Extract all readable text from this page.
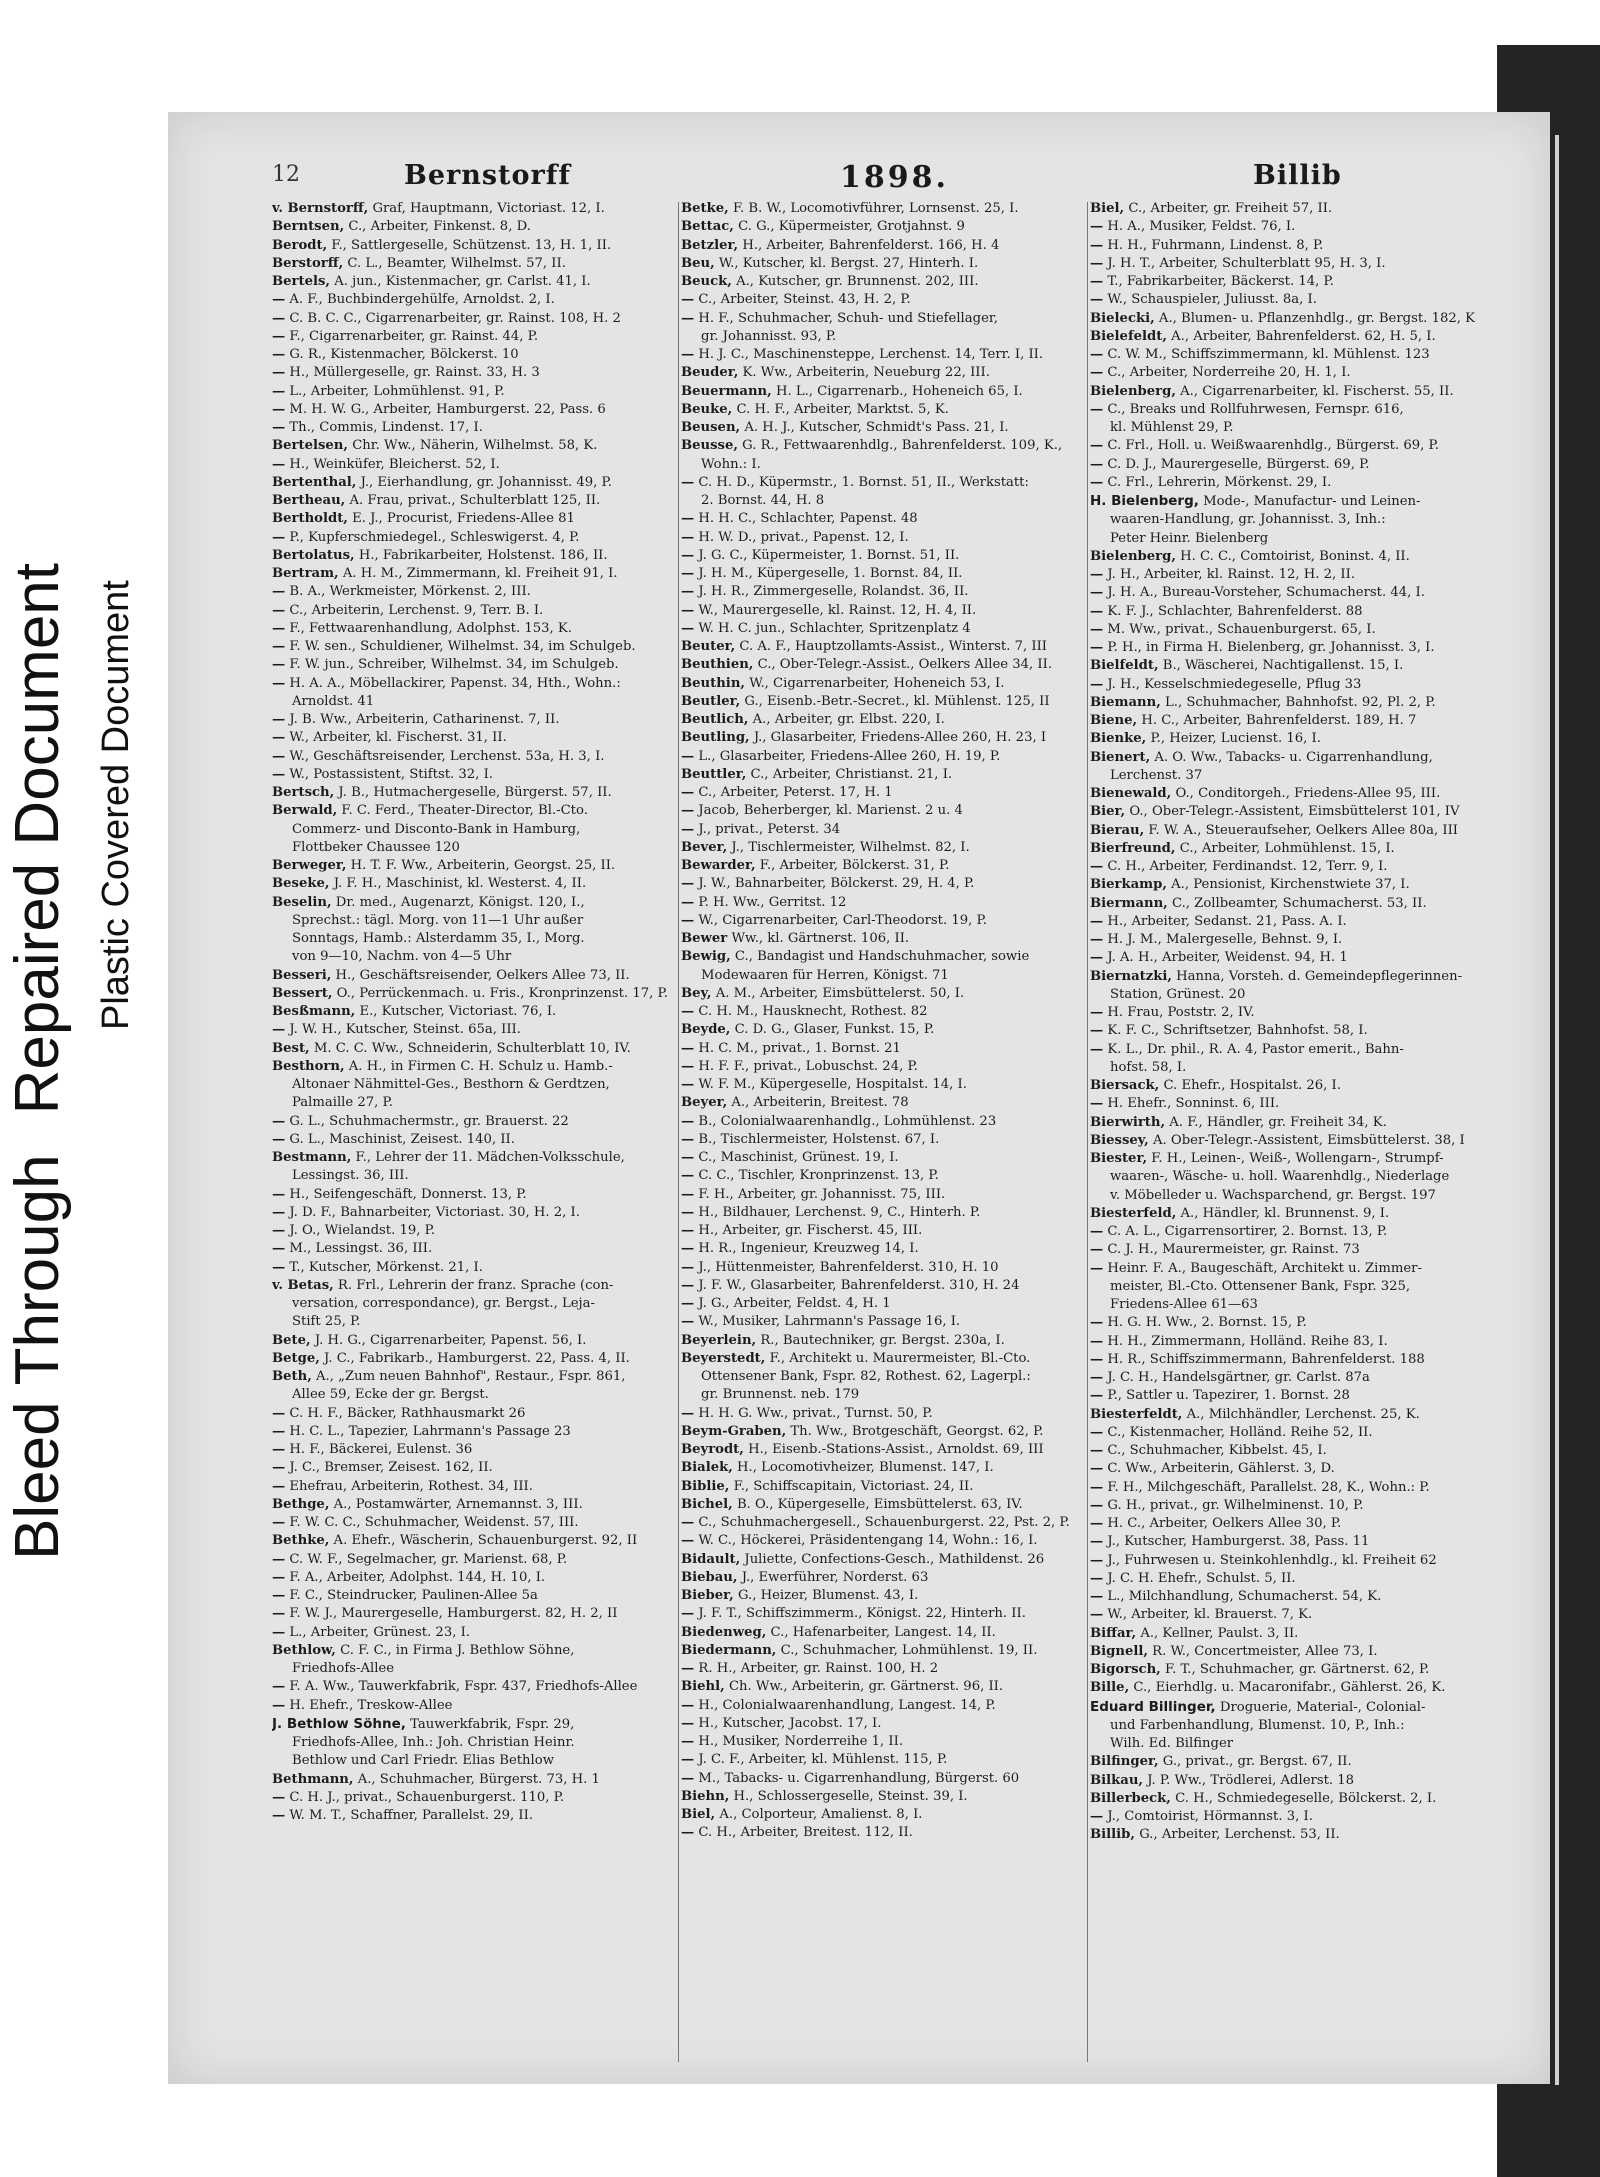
Bleed ThroughRepaired Document Plastic Covered Document
12	Bernstorff	1898.	Billib
v. Bernstorff, Graf, Hauptmann, Victoriast. 12, I.
Berntsen, C., Arbeiter, Finkenst. 8, D.
Berodt, F., Sattlergeselle, Schützenst. 13, H. 1, II.
Berstorff, C. L., Beamter, Wilhelmst. 57, II.
Bertels, A. jun., Kistenmacher, gr. Carlst. 41, I.
— A. F., Buchbindergehülfe, Arnoldst. 2, I.
— C. B. C. C., Cigarrenarbeiter, gr. Rainst. 108, H. 2
— F., Cigarrenarbeiter, gr. Rainst. 44, P.
— G. R., Kistenmacher, Bölckerst. 10
— H., Müllergeselle, gr. Rainst. 33, H. 3
— L., Arbeiter, Lohmühlenst. 91, P.
— M. H. W. G., Arbeiter, Hamburgerst. 22, Pass. 6
— Th., Commis, Lindenst. 17, I.
Bertelsen, Chr. Ww., Näherin, Wilhelmst. 58, K.
— H., Weinküfer, Bleicherst. 52, I.
Bertenthal, J., Eierhandlung, gr. Johannisst. 49, P.
Bertheau, A. Frau, privat., Schulterblatt 125, II.
Bertholdt, E. J., Procurist, Friedens-Allee 81
— P., Kupferschmiedegel., Schleswigerst. 4, P.
Bertolatus, H., Fabrikarbeiter, Holstenst. 186, II.
Bertram, A. H. M., Zimmermann, kl. Freiheit 91, I.
— B. A., Werkmeister, Mörkenst. 2, III.
— C., Arbeiterin, Lerchenst. 9, Terr. B. I.
— F., Fettwaarenhandlung, Adolphst. 153, K.
— F. W. sen., Schuldiener, Wilhelmst. 34, im Schulgeb.
— F. W. jun., Schreiber, Wilhelmst. 34, im Schulgeb.
— H. A. A., Möbellackirer, Papenst. 34, Hth., Wohn.:
Arnoldst. 41
— J. B. Ww., Arbeiterin, Catharinenst. 7, II.
— W., Arbeiter, kl. Fischerst. 31, II.
— W., Geschäftsreisender, Lerchenst. 53a, H. 3, I.
— W., Postassistent, Stiftst. 32, I.
Bertsch, J. B., Hutmachergeselle, Bürgerst. 57, II.
Berwald, F. C. Ferd., Theater-Director, Bl.-Cto.
Commerz- und Disconto-Bank in Hamburg,
Flottbeker Chaussee 120
Berweger, H. T. F. Ww., Arbeiterin, Georgst. 25, II.
Beseke, J. F. H., Maschinist, kl. Westerst. 4, II.
Beselin, Dr. med., Augenarzt, Königst. 120, I.,
Sprechst.: tägl. Morg. von 11—1 Uhr außer
Sonntags, Hamb.: Alsterdamm 35, I., Morg.
von 9—10, Nachm. von 4—5 Uhr
Besseri, H., Geschäftsreisender, Oelkers Allee 73, II.
Bessert, O., Perrückenmach. u. Fris., Kronprinzenst. 17, P.
Besßmann, E., Kutscher, Victoriast. 76, I.
— J. W. H., Kutscher, Steinst. 65a, III.
Best, M. C. C. Ww., Schneiderin, Schulterblatt 10, IV.
Besthorn, A. H., in Firmen C. H. Schulz u. Hamb.-
Altonaer Nähmittel-Ges., Besthorn & Gerdtzen,
Palmaille 27, P.
— G. L., Schuhmachermstr., gr. Brauerst. 22
— G. L., Maschinist, Zeisest. 140, II.
Bestmann, F., Lehrer der 11. Mädchen-Volksschule,
Lessingst. 36, III.
— H., Seifengeschäft, Donnerst. 13, P.
— J. D. F., Bahnarbeiter, Victoriast. 30, H. 2, I.
— J. O., Wielandst. 19, P.
— M., Lessingst. 36, III.
— T., Kutscher, Mörkenst. 21, I.
v. Betas, R. Frl., Lehrerin der franz. Sprache (con-
versation, correspondance), gr. Bergst., Leja-
Stift 25, P.
Bete, J. H. G., Cigarrenarbeiter, Papenst. 56, I.
Betge, J. C., Fabrikarb., Hamburgerst. 22, Pass. 4, II.
Beth, A., „Zum neuen Bahnhof", Restaur., Fspr. 861,
Allee 59, Ecke der gr. Bergst.
— C. H. F., Bäcker, Rathhausmarkt 26
— H. C. L., Tapezier, Lahrmann's Passage 23
— H. F., Bäckerei, Eulenst. 36
— J. C., Bremser, Zeisest. 162, II.
— Ehefrau, Arbeiterin, Rothest. 34, III.
Bethge, A., Postamwärter, Arnemannst. 3, III.
— F. W. C. C., Schuhmacher, Weidenst. 57, III.
Bethke, A. Ehefr., Wäscherin, Schauenburgerst. 92, II
— C. W. F., Segelmacher, gr. Marienst. 68, P.
— F. A., Arbeiter, Adolphst. 144, H. 10, I.
— F. C., Steindrucker, Paulinen-Allee 5a
— F. W. J., Maurergeselle, Hamburgerst. 82, H. 2, II
— L., Arbeiter, Grünest. 23, I.
Bethlow, C. F. C., in Firma J. Bethlow Söhne,
Friedhofs-Allee
— F. A. Ww., Tauwerkfabrik, Fspr. 437, Friedhofs-Allee
— H. Ehefr., Treskow-Allee
J. Bethlow Söhne, Tauwerkfabrik, Fspr. 29,
Friedhofs-Allee, Inh.: Joh. Christian Heinr.
Bethlow und Carl Friedr. Elias Bethlow
Bethmann, A., Schuhmacher, Bürgerst. 73, H. 1
— C. H. J., privat., Schauenburgerst. 110, P.
— W. M. T., Schaffner, Parallelst. 29, II.
Betke, F. B. W., Locomotivführer, Lornsenst. 25, I.
Bettac, C. G., Küpermeister, Grotjahnst. 9
Betzler, H., Arbeiter, Bahrenfelderst. 166, H. 4
Beu, W., Kutscher, kl. Bergst. 27, Hinterh. I.
Beuck, A., Kutscher, gr. Brunnenst. 202, III.
— C., Arbeiter, Steinst. 43, H. 2, P.
— H. F., Schuhmacher, Schuh- und Stiefellager,
gr. Johannisst. 93, P.
— H. J. C., Maschinensteppe, Lerchenst. 14, Terr. I, II.
Beuder, K. Ww., Arbeiterin, Neueburg 22, III.
Beuermann, H. L., Cigarrenarb., Hoheneich 65, I.
Beuke, C. H. F., Arbeiter, Marktst. 5, K.
Beusen, A. H. J., Kutscher, Schmidt's Pass. 21, I.
Beusse, G. R., Fettwaarenhdlg., Bahrenfelderst. 109, K.,
Wohn.: I.
— C. H. D., Küpermstr., 1. Bornst. 51, II., Werkstatt:
2. Bornst. 44, H. 8
— H. H. C., Schlachter, Papenst. 48
— H. W. D., privat., Papenst. 12, I.
— J. G. C., Küpermeister, 1. Bornst. 51, II.
— J. H. M., Küpergeselle, 1. Bornst. 84, II.
— J. H. R., Zimmergeselle, Rolandst. 36, II.
— W., Maurergeselle, kl. Rainst. 12, H. 4, II.
— W. H. C. jun., Schlachter, Spritzenplatz 4
Beuter, C. A. F., Hauptzollamts-Assist., Winterst. 7, III
Beuthien, C., Ober-Telegr.-Assist., Oelkers Allee 34, II.
Beuthin, W., Cigarrenarbeiter, Hoheneich 53, I.
Beutler, G., Eisenb.-Betr.-Secret., kl. Mühlenst. 125, II
Beutlich, A., Arbeiter, gr. Elbst. 220, I.
Beutling, J., Glasarbeiter, Friedens-Allee 260, H. 23, I
— L., Glasarbeiter, Friedens-Allee 260, H. 19, P.
Beuttler, C., Arbeiter, Christianst. 21, I.
— C., Arbeiter, Peterst. 17, H. 1
— Jacob, Beherberger, kl. Marienst. 2 u. 4
— J., privat., Peterst. 34
Bever, J., Tischlermeister, Wilhelmst. 82, I.
Bewarder, F., Arbeiter, Bölckerst. 31, P.
— J. W., Bahnarbeiter, Bölckerst. 29, H. 4, P.
— P. H. Ww., Gerritst. 12
— W., Cigarrenarbeiter, Carl-Theodorst. 19, P.
Bewer Ww., kl. Gärtnerst. 106, II.
Bewig, C., Bandagist und Handschuhmacher, sowie
Modewaaren für Herren, Königst. 71
Bey, A. M., Arbeiter, Eimsbüttelerst. 50, I.
— C. H. M., Hausknecht, Rothest. 82
Beyde, C. D. G., Glaser, Funkst. 15, P.
— H. C. M., privat., 1. Bornst. 21
— H. F. F., privat., Lobuschst. 24, P.
— W. F. M., Küpergeselle, Hospitalst. 14, I.
Beyer, A., Arbeiterin, Breitest. 78
— B., Colonialwaarenhandlg., Lohmühlenst. 23
— B., Tischlermeister, Holstenst. 67, I.
— C., Maschinist, Grünest. 19, I.
— C. C., Tischler, Kronprinzenst. 13, P.
— F. H., Arbeiter, gr. Johannisst. 75, III.
— H., Bildhauer, Lerchenst. 9, C., Hinterh. P.
— H., Arbeiter, gr. Fischerst. 45, III.
— H. R., Ingenieur, Kreuzweg 14, I.
— J., Hüttenmeister, Bahrenfelderst. 310, H. 10
— J. F. W., Glasarbeiter, Bahrenfelderst. 310, H. 24
— J. G., Arbeiter, Feldst. 4, H. 1
— W., Musiker, Lahrmann's Passage 16, I.
Beyerlein, R., Bautechniker, gr. Bergst. 230a, I.
Beyerstedt, F., Architekt u. Maurermeister, Bl.-Cto.
Ottensener Bank, Fspr. 82, Rothest. 62, Lagerpl.:
gr. Brunnenst. neb. 179
— H. H. G. Ww., privat., Turnst. 50, P.
Beym-Graben, Th. Ww., Brotgeschäft, Georgst. 62, P.
Beyrodt, H., Eisenb.-Stations-Assist., Arnoldst. 69, III
Bialek, H., Locomotivheizer, Blumenst. 147, I.
Biblie, F., Schiffscapitain, Victoriast. 24, II.
Bichel, B. O., Küpergeselle, Eimsbüttelerst. 63, IV.
— C., Schuhmachergesell., Schauenburgerst. 22, Pst. 2, P.
— W. C., Höckerei, Präsidentengang 14, Wohn.: 16, I.
Bidault, Juliette, Confections-Gesch., Mathildenst. 26
Biebau, J., Ewerführer, Norderst. 63
Bieber, G., Heizer, Blumenst. 43, I.
— J. F. T., Schiffszimmerm., Königst. 22, Hinterh. II.
Biedenweg, C., Hafenarbeiter, Langest. 14, II.
Biedermann, C., Schuhmacher, Lohmühlenst. 19, II.
— R. H., Arbeiter, gr. Rainst. 100, H. 2
Biehl, Ch. Ww., Arbeiterin, gr. Gärtnerst. 96, II.
— H., Colonialwaarenhandlung, Langest. 14, P.
— H., Kutscher, Jacobst. 17, I.
— H., Musiker, Norderreihe 1, II.
— J. C. F., Arbeiter, kl. Mühlenst. 115, P.
— M., Tabacks- u. Cigarrenhandlung, Bürgerst. 60
Biehn, H., Schlossergeselle, Steinst. 39, I.
Biel, A., Colporteur, Amalienst. 8, I.
— C. H., Arbeiter, Breitest. 112, II.
Biel, C., Arbeiter, gr. Freiheit 57, II.
— H. A., Musiker, Feldst. 76, I.
— H. H., Fuhrmann, Lindenst. 8, P.
— J. H. T., Arbeiter, Schulterblatt 95, H. 3, I.
— T., Fabrikarbeiter, Bäckerst. 14, P.
— W., Schauspieler, Juliusst. 8a, I.
Bielecki, A., Blumen- u. Pflanzenhdlg., gr. Bergst. 182, K
Bielefeldt, A., Arbeiter, Bahrenfelderst. 62, H. 5, I.
— C. W. M., Schiffszimmermann, kl. Mühlenst. 123
— C., Arbeiter, Norderreihe 20, H. 1, I.
Bielenberg, A., Cigarrenarbeiter, kl. Fischerst. 55, II.
— C., Breaks und Rollfuhrwesen, Fernspr. 616,
kl. Mühlenst 29, P.
— C. Frl., Holl. u. Weißwaarenhdlg., Bürgerst. 69, P.
— C. D. J., Maurergeselle, Bürgerst. 69, P.
— C. Frl., Lehrerin, Mörkenst. 29, I.
H. Bielenberg, Mode-, Manufactur- und Leinen-
waaren-Handlung, gr. Johannisst. 3, Inh.:
Peter Heinr. Bielenberg
Bielenberg, H. C. C., Comtoirist, Boninst. 4, II.
— J. H., Arbeiter, kl. Rainst. 12, H. 2, II.
— J. H. A., Bureau-Vorsteher, Schumacherst. 44, I.
— K. F. J., Schlachter, Bahrenfelderst. 88
— M. Ww., privat., Schauenburgerst. 65, I.
— P. H., in Firma H. Bielenberg, gr. Johannisst. 3, I.
Bielfeldt, B., Wäscherei, Nachtigallenst. 15, I.
— J. H., Kesselschmiedegeselle, Pflug 33
Biemann, L., Schuhmacher, Bahnhofst. 92, Pl. 2, P.
Biene, H. C., Arbeiter, Bahrenfelderst. 189, H. 7
Bienke, P., Heizer, Lucienst. 16, I.
Bienert, A. O. Ww., Tabacks- u. Cigarrenhandlung,
Lerchenst. 37
Bienewald, O., Conditorgeh., Friedens-Allee 95, III.
Bier, O., Ober-Telegr.-Assistent, Eimsbüttelerst 101, IV
Bierau, F. W. A., Steueraufseher, Oelkers Allee 80a, III
Bierfreund, C., Arbeiter, Lohmühlenst. 15, I.
— C. H., Arbeiter, Ferdinandst. 12, Terr. 9, I.
Bierkamp, A., Pensionist, Kirchenstwiete 37, I.
Biermann, C., Zollbeamter, Schumacherst. 53, II.
— H., Arbeiter, Sedanst. 21, Pass. A. I.
— H. J. M., Malergeselle, Behnst. 9, I.
— J. A. H., Arbeiter, Weidenst. 94, H. 1
Biernatzki, Hanna, Vorsteh. d. Gemeindepflegerinnen-
Station, Grünest. 20
— H. Frau, Poststr. 2, IV.
— K. F. C., Schriftsetzer, Bahnhofst. 58, I.
— K. L., Dr. phil., R. A. 4, Pastor emerit., Bahn-
hofst. 58, I.
Biersack, C. Ehefr., Hospitalst. 26, I.
— H. Ehefr., Sonninst. 6, III.
Bierwirth, A. F., Händler, gr. Freiheit 34, K.
Biessey, A. Ober-Telegr.-Assistent, Eimsbüttelerst. 38, I
Biester, F. H., Leinen-, Weiß-, Wollengarn-, Strumpf-
waaren-, Wäsche- u. holl. Waarenhdlg., Niederlage
v. Möbelleder u. Wachsparchend, gr. Bergst. 197
Biesterfeld, A., Händler, kl. Brunnenst. 9, I.
— C. A. L., Cigarrensortirer, 2. Bornst. 13, P.
— C. J. H., Maurermeister, gr. Rainst. 73
— Heinr. F. A., Baugeschäft, Architekt u. Zimmer-
meister, Bl.-Cto. Ottensener Bank, Fspr. 325,
Friedens-Allee 61—63
— H. G. H. Ww., 2. Bornst. 15, P.
— H. H., Zimmermann, Holländ. Reihe 83, I.
— H. R., Schiffszimmermann, Bahrenfelderst. 188
— J. C. H., Handelsgärtner, gr. Carlst. 87a
— P., Sattler u. Tapezirer, 1. Bornst. 28
Biesterfeldt, A., Milchhändler, Lerchenst. 25, K.
— C., Kistenmacher, Holländ. Reihe 52, II.
— C., Schuhmacher, Kibbelst. 45, I.
— C. Ww., Arbeiterin, Gählerst. 3, D.
— F. H., Milchgeschäft, Parallelst. 28, K., Wohn.: P.
— G. H., privat., gr. Wilhelminenst. 10, P.
— H. C., Arbeiter, Oelkers Allee 30, P.
— J., Kutscher, Hamburgerst. 38, Pass. 11
— J., Fuhrwesen u. Steinkohlenhdlg., kl. Freiheit 62
— J. C. H. Ehefr., Schulst. 5, II.
— L., Milchhandlung, Schumacherst. 54, K.
— W., Arbeiter, kl. Brauerst. 7, K.
Biffar, A., Kellner, Paulst. 3, II.
Bignell, R. W., Concertmeister, Allee 73, I.
Bigorsch, F. T., Schuhmacher, gr. Gärtnerst. 62, P.
Bille, C., Eierhdlg. u. Macaronifabr., Gählerst. 26, K.
Eduard Billinger, Droguerie, Material-, Colonial-
und Farbenhandlung, Blumenst. 10, P., Inh.:
Wilh. Ed. Bilfinger
Bilfinger, G., privat., gr. Bergst. 67, II.
Bilkau, J. P. Ww., Trödlerei, Adlerst. 18
Billerbeck, C. H., Schmiedegeselle, Bölckerst. 2, I.
— J., Comtoirist, Hörmannst. 3, I.
Billib, G., Arbeiter, Lerchenst. 53, II.
